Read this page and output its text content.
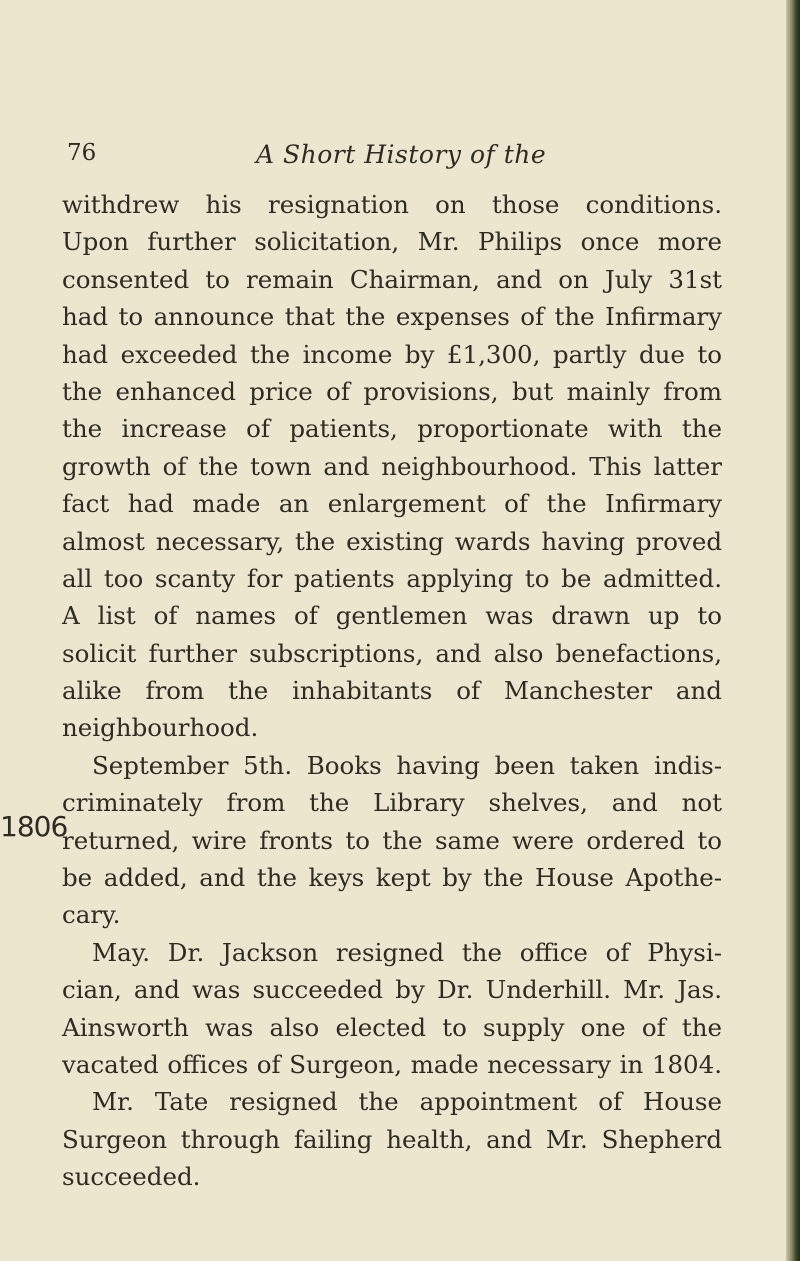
76	A Short History of the
1806
withdrew his resignation on those conditions.
Upon further solicitation, Mr. Philips once more
consented to remain Chairman, and on July 31st
had to announce that the expenses of the Infirmary
had exceeded the income by £1,300, partly due to
the enhanced price of provisions, but mainly from
the increase of patients, proportionate with the
growth of the town and neighbourhood. This latter
fact had made an enlargement of the Infirmary
almost necessary, the existing wards having proved
all too scanty for patients applying to be admitted.
A list of names of gentlemen was drawn up to
solicit further subscriptions, and also benefactions,
alike from the inhabitants of Manchester and
neighbourhood.
September 5th. Books having been taken indis-
criminately from the Library shelves, and not
returned, wire fronts to the same were ordered to
be added, and the keys kept by the House Apothe-
cary.
May. Dr. Jackson resigned the office of Physi-
cian, and was succeeded by Dr. Underhill. Mr. Jas.
Ainsworth was also elected to supply one of the
vacated offices of Surgeon, made necessary in 1804.
Mr. Tate resigned the appointment of House
Surgeon through failing health, and Mr. Shepherd
succeeded.
